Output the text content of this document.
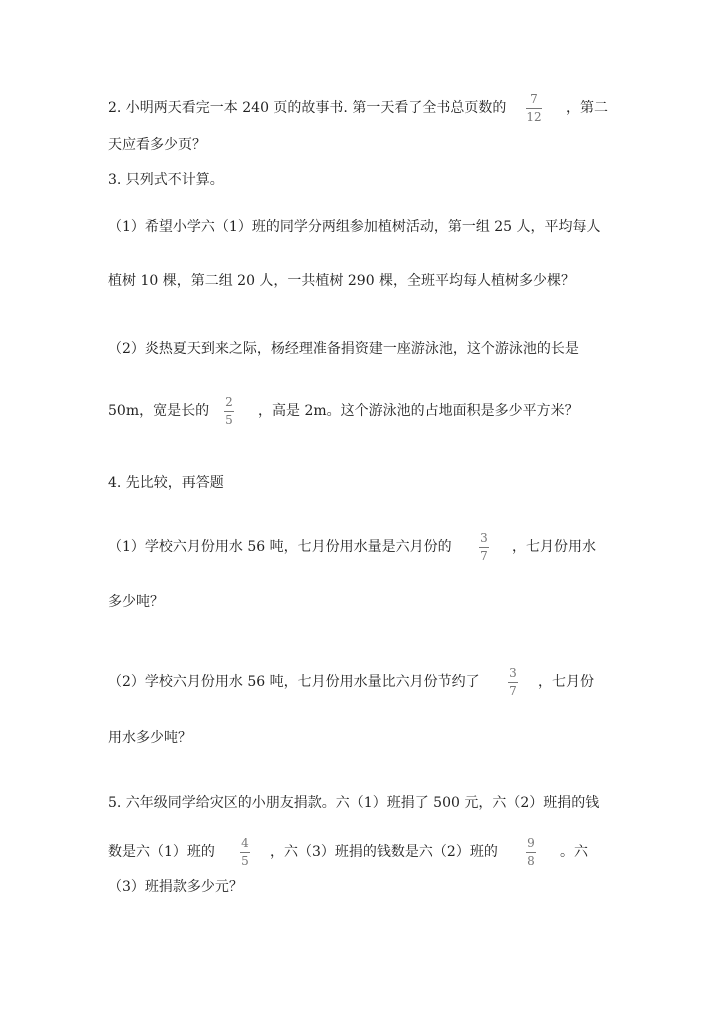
2. 小明两天看完一本 240 页的故事书. 第一天看了全书总页数的
7
12
，第二
天应看多少页？
3. 只列式不计算。
（1）希望小学六（1）班的同学分两组参加植树活动，第一组 25 人，平均每人
植树 10 棵，第二组 20 人，一共植树 290 棵，全班平均每人植树多少棵？
（2）炎热夏天到来之际，杨经理准备捐资建一座游泳池，这个游泳池的长是
50m，宽是长的
2
5
，高是 2m。这个游泳池的占地面积是多少平方米？
4. 先比较，再答题
（1）学校六月份用水 56 吨，七月份用水量是六月份的
3
7
，七月份用水
多少吨？
（2）学校六月份用水 56 吨，七月份用水量比六月份节约了
3
7
，七月份
用水多少吨？
5. 六年级同学给灾区的小朋友捐款。六（1）班捐了 500 元，六（2）班捐的钱
数是六（1）班的
4
5
，六（3）班捐的钱数是六（2）班的
9
8
。六
（3）班捐款多少元？
